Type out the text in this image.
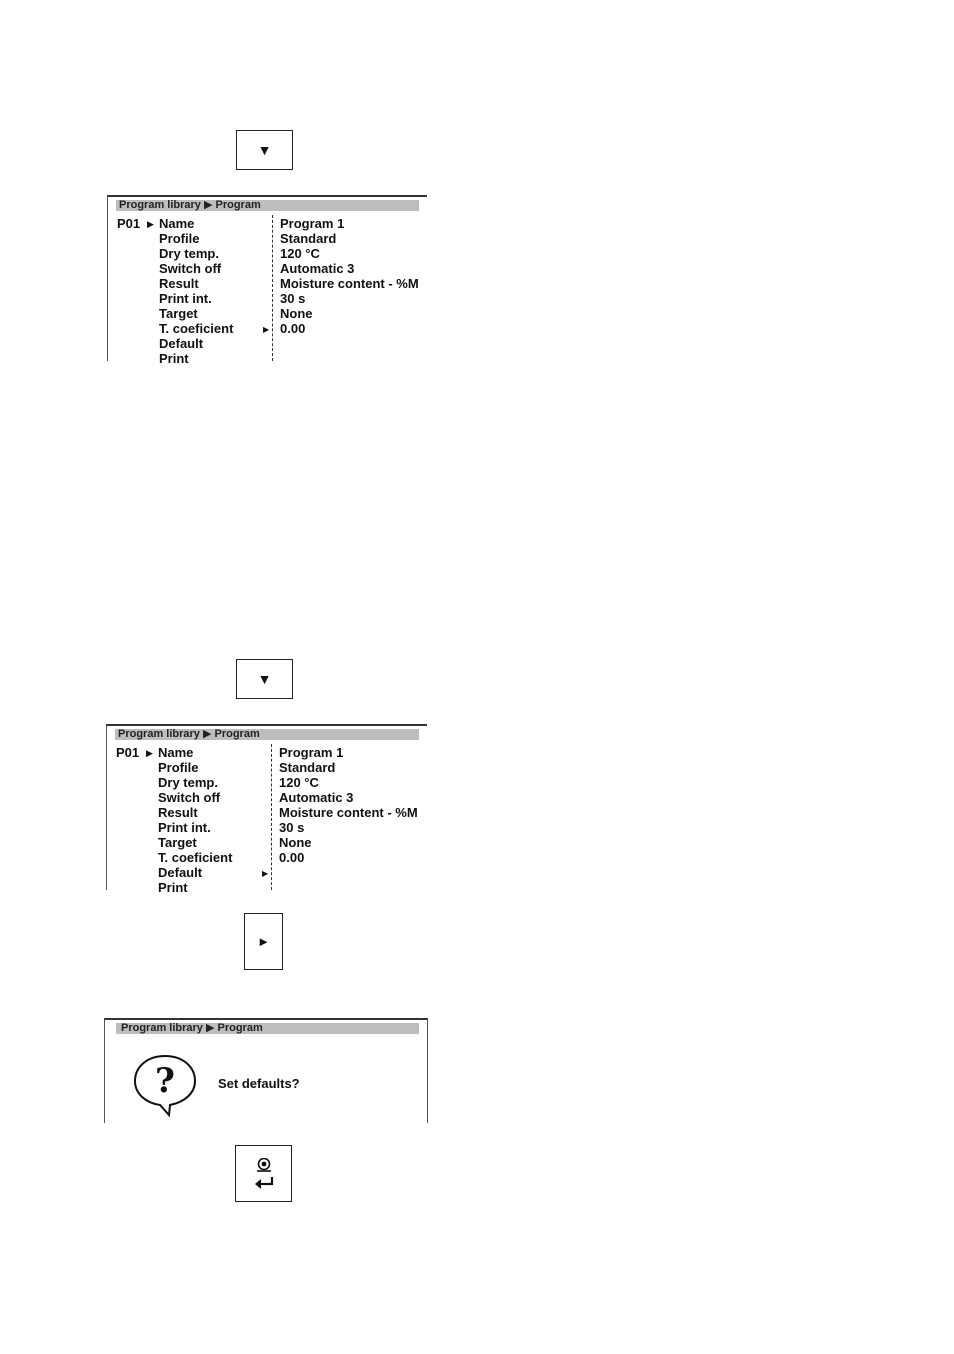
▼
Program library ▶ Program
P01 ▶ Name
Profile
Dry temp.
Switch off
Result
Print int.
Target
T. coeficient
Default
Print
▶
Program 1
Standard
120 °C
Automatic 3
Moisture content - %M
30 s
None
0.00
▼
Program library ▶ Program
P01 ▶ Name
Profile
Dry temp.
Switch off
Result
Print int.
Target
T. coeficient
Default
Print
▶
Program 1
Standard
120 °C
Automatic 3
Moisture content - %M
30 s
None
0.00
►
Program library ▶ Program
?	Set defaults?
